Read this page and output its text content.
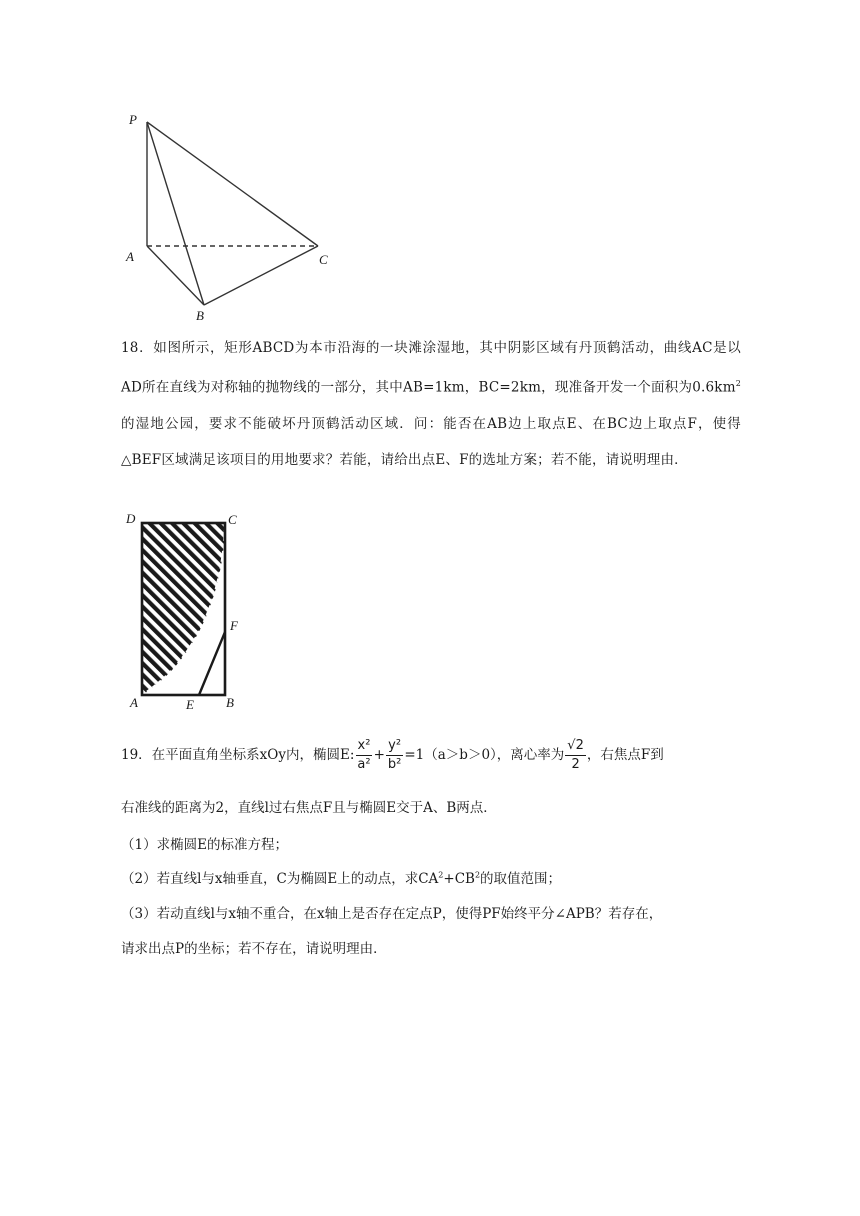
P
A
B
C
18．如图所示，矩形ABCD为本市沿海的一块滩涂湿地，其中阴影区域有丹顶鹤活动，曲线AC是以AD所在直线为对称轴的抛物线的一部分，其中AB=1km，BC=2km，现准备开发一个面积为$0.6km^2$的湿地公园，要求不能破坏丹顶鹤活动区域．问：能否在AB边上取点E、在BC边上取点F，使得△BEF区域满足该项目的用地要求？若能，请给出点E、F的选址方案；若不能，请说明理由．
D	C
F
A	E B
19．在平面直角坐标系xOy内，椭圆E: $\frac{\text{x²}}{\text{a²}} + \frac{\text{y²}}{\text{b²}} =1(a>b>0)$，离心率为 $\frac{√2}{2}$ ，右焦点F到
右准线的距离为2，直线l过右焦点F且与椭圆E交于A、B两点．
（1）求椭圆E的标准方程；
（2）若直线l与x轴垂直，C为椭圆E上的动点，求$CA^2+CB^2$的取值范围；
（3）若动直线l与x轴不重合，在x轴上是否存在定点P，使得PF始终平分∠APB？若存在，
请求出点P的坐标；若不存在，请说明理由．
